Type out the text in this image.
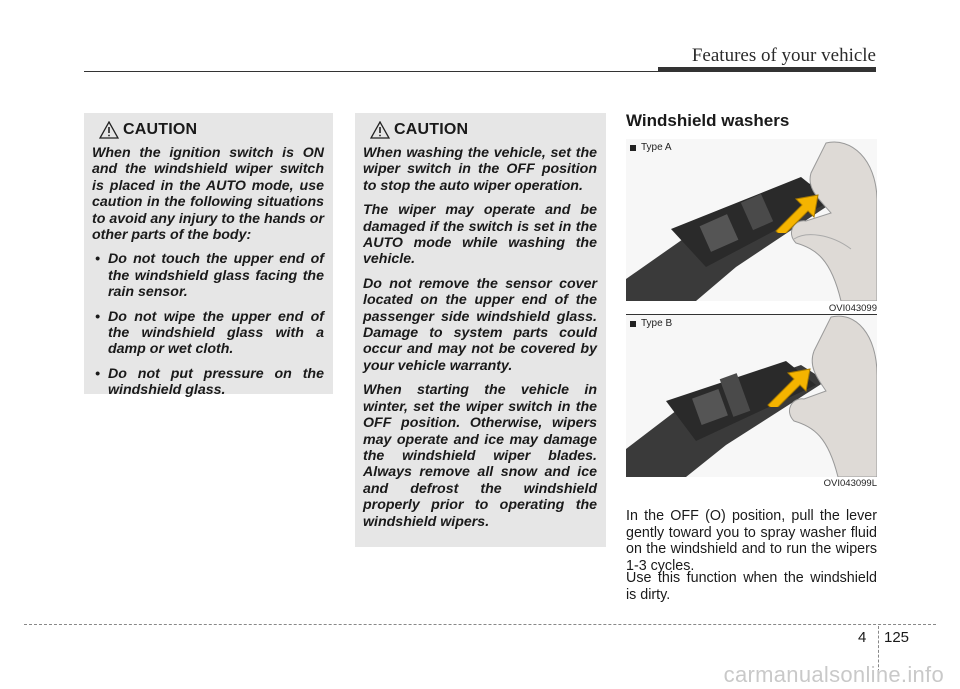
Features of your vehicle
CAUTION

When the ignition switch is ON and the windshield wiper switch is placed in the AUTO mode, use caution in the following situations to avoid any injury to the hands or other parts of the body:

• Do not touch the upper end of the windshield glass facing the rain sensor.
• Do not wipe the upper end of the windshield glass with a damp or wet cloth.
• Do not put pressure on the windshield glass.
CAUTION

When washing the vehicle, set the wiper switch in the OFF position to stop the auto wiper operation.

The wiper may operate and be damaged if the switch is set in the AUTO mode while washing the vehicle.

Do not remove the sensor cover located on the upper end of the passenger side windshield glass. Damage to system parts could occur and may not be covered by your vehicle warranty.

When starting the vehicle in winter, set the wiper switch in the OFF position. Otherwise, wipers may operate and ice may damage the windshield wiper blades. Always remove all snow and ice and defrost the windshield properly prior to operating the windshield wipers.

Windshield washers
Type A
OVI043099
Type B
OVI043099L

In the OFF (O) position, pull the lever gently toward you to spray washer fluid on the windshield and to run the wipers 1-3 cycles.

Use this function when the windshield is dirty.

4 125
carmanualsonline.info
